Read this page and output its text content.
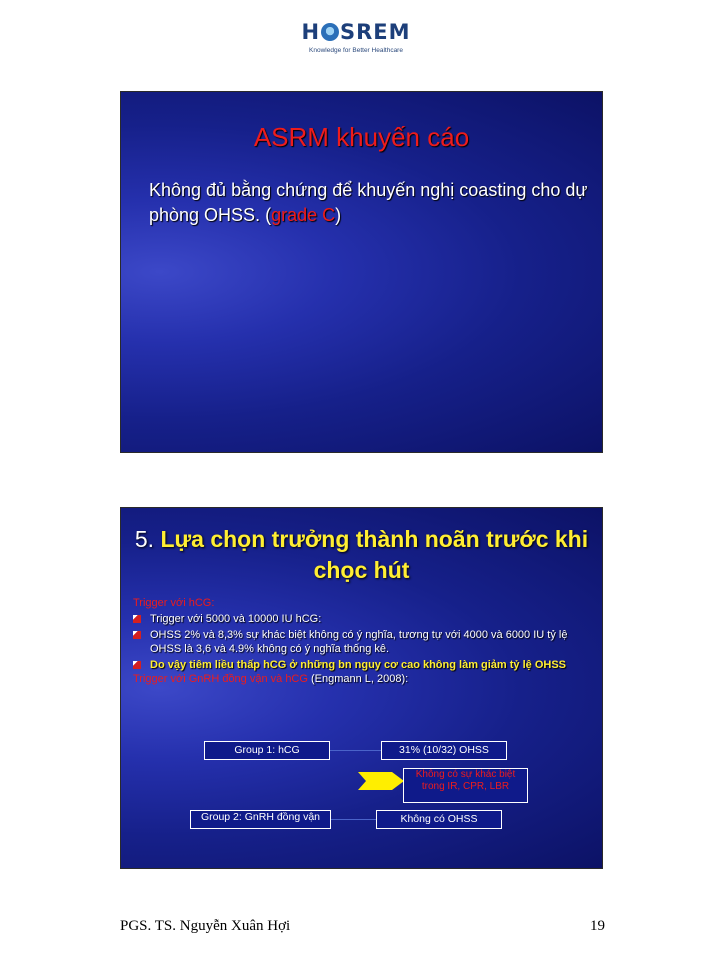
H SREM
Knowledge for Better Healthcare
ASRM khuyến cáo
Không đủ bằng chứng để khuyến nghị coasting cho dự phòng OHSS. (grade C)
5. Lựa chọn trưởng thành noãn trước khi chọc hút
Trigger với hCG:
Trigger với 5000 và 10000 IU hCG:
OHSS 2% và 8,3% sự khác biệt không có ý nghĩa, tương tự với 4000 và 6000 IU tỷ lệ OHSS là 3,6 và 4.9% không có ý nghĩa thống kê.
Do vậy tiêm liều thấp hCG ở những bn nguy cơ cao không làm giảm tỷ lệ OHSS
Trigger với GnRH đồng vận và hCG (Engmann L, 2008):
Group 1: hCG	31% (10/32) OHSS
Không có sự khác biệt trong IR, CPR, LBR
Group 2: GnRH đồng vận	Không có OHSS
PGS. TS. Nguyễn Xuân Hợi	19
